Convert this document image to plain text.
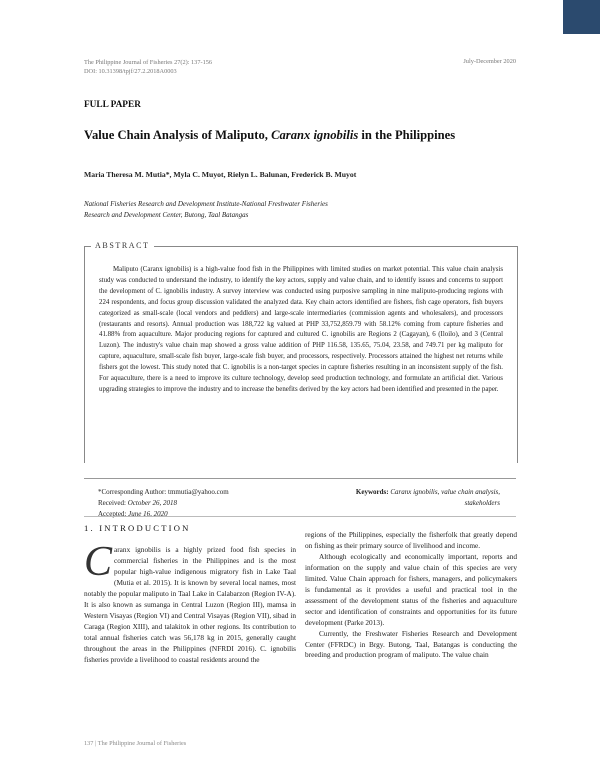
The Philippine Journal of Fisheries 27(2): 137-156
DOI: 10.31398/tpjf/27.2.2018A0003
July-December 2020
FULL PAPER
Value Chain Analysis of Maliputo, Caranx ignobilis in the Philippines
Maria Theresa M. Mutia*, Myla C. Muyot, Rielyn L. Balunan, Frederick B. Muyot
National Fisheries Research and Development Institute-National Freshwater Fisheries
Research and Development Center, Butong, Taal Batangas
ABSTRACT
Maliputo (Caranx ignobilis) is a high-value food fish in the Philippines with limited studies on market potential. This value chain analysis study was conducted to understand the industry, to identify the key actors, supply and value chain, and to identify issues and concerns to support the development of C. ignobilis industry. A survey interview was conducted using purposive sampling in nine maliputo-producing regions with 224 respondents, and focus group discussion validated the analyzed data. Key chain actors identified are fishers, fish cage operators, fish buyers categorized as small-scale (local vendors and peddlers) and large-scale intermediaries (commission agents and wholesalers), and processors (restaurants and resorts). Annual production was 188,722 kg valued at PHP 33,752,859.79 with 58.12% coming from capture fisheries and 41.88% from aquaculture. Major producing regions for captured and cultured C. ignobilis are Regions 2 (Cagayan), 6 (Iloilo), and 3 (Central Luzon). The industry's value chain map showed a gross value addition of PHP 116.58, 135.65, 75.04, 23.58, and 749.71 per kg maliputo for capture, aquaculture, small-scale fish buyer, large-scale fish buyer, and processors, respectively. Processors attained the highest net returns while fishers got the lowest. This study noted that C. ignobilis is a non-target species in capture fisheries resulting in an inconsistent supply of the fish. For aquaculture, there is a need to improve its culture technology, develop seed production technology, and formulate an artificial diet. Various upgrading strategies to improve the industry and to increase the benefits derived by the key actors had been identified and presented in the paper.
*Corresponding Author: tmmutia@yahoo.com
Received: October 26, 2018
Accepted: June 16, 2020
Keywords: Caranx ignobilis, value chain analysis, stakeholders
1. INTRODUCTION
Caranx ignobilis is a highly prized food fish species in commercial fisheries in the Philippines and is the most popular high-value indigenous migratory fish in Lake Taal (Mutia et al. 2015). It is known by several local names, most notably the popular maliputo in Taal Lake in Calabarzon (Region IV-A). It is also known as sumanga in Central Luzon (Region III), mamsa in Western Visayas (Region VI) and Central Visayas (Region VII), sibad in Caraga (Region XIII), and talakitok in other regions. Its contribution to total annual fisheries catch was 56,178 kg in 2015, generally caught throughout the areas in the Philippines (NFRDI 2016). C. ignobilis fisheries provide a livelihood to coastal residents around the

regions of the Philippines, especially the fisherfolk that greatly depend on fishing as their primary source of livelihood and income.

Although ecologically and economically important, reports and information on the supply and value chain of this species are very limited. Value Chain approach for fishers, managers, and policymakers is fundamental as it provides a useful and practical tool in the assessment of the development status of the fisheries and aquaculture sector and identification of constraints and opportunities for its future development (Parke 2013).

Currently, the Freshwater Fisheries Research and Development Center (FFRDC) in Brgy. Butong, Taal, Batangas is conducting the breeding and production program of maliputo. The value chain

137 | The Philippine Journal of Fisheries
